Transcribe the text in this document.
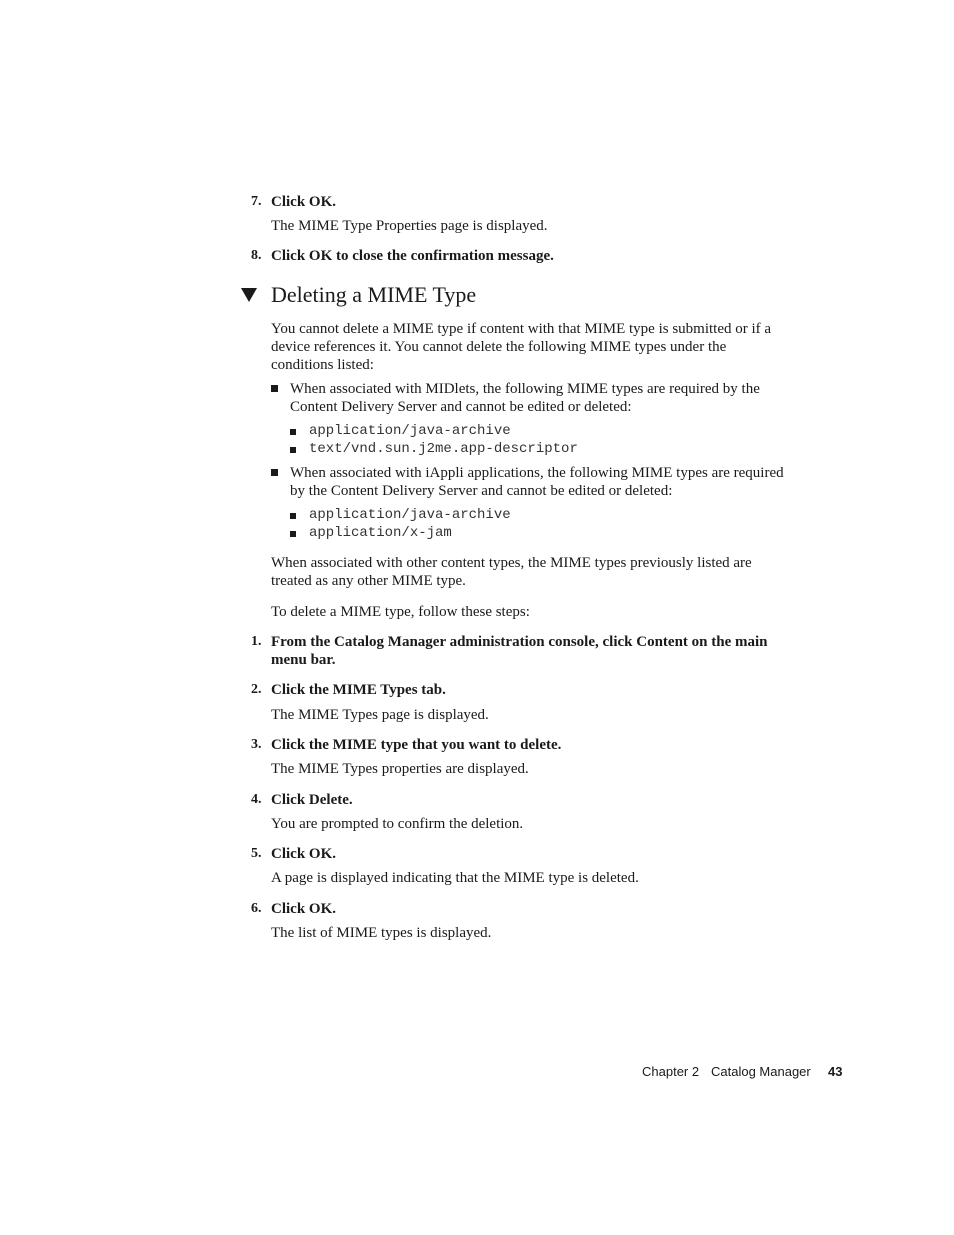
7. Click OK.
The MIME Type Properties page is displayed.
8. Click OK to close the confirmation message.
Deleting a MIME Type
You cannot delete a MIME type if content with that MIME type is submitted or if a
device references it. You cannot delete the following MIME types under the
conditions listed:
When associated with MIDlets, the following MIME types are required by the
Content Delivery Server and cannot be edited or deleted:
application/java-archive
text/vnd.sun.j2me.app-descriptor
When associated with iAppli applications, the following MIME types are required
by the Content Delivery Server and cannot be edited or deleted:
application/java-archive
application/x-jam
When associated with other content types, the MIME types previously listed are
treated as any other MIME type.
To delete a MIME type, follow these steps:
1. From the Catalog Manager administration console, click Content on the main
menu bar.
2. Click the MIME Types tab.
The MIME Types page is displayed.
3. Click the MIME type that you want to delete.
The MIME Types properties are displayed.
4. Click Delete.
You are prompted to confirm the deletion.
5. Click OK.
A page is displayed indicating that the MIME type is deleted.
6. Click OK.
The list of MIME types is displayed.
Chapter 2 Catalog Manager 43
